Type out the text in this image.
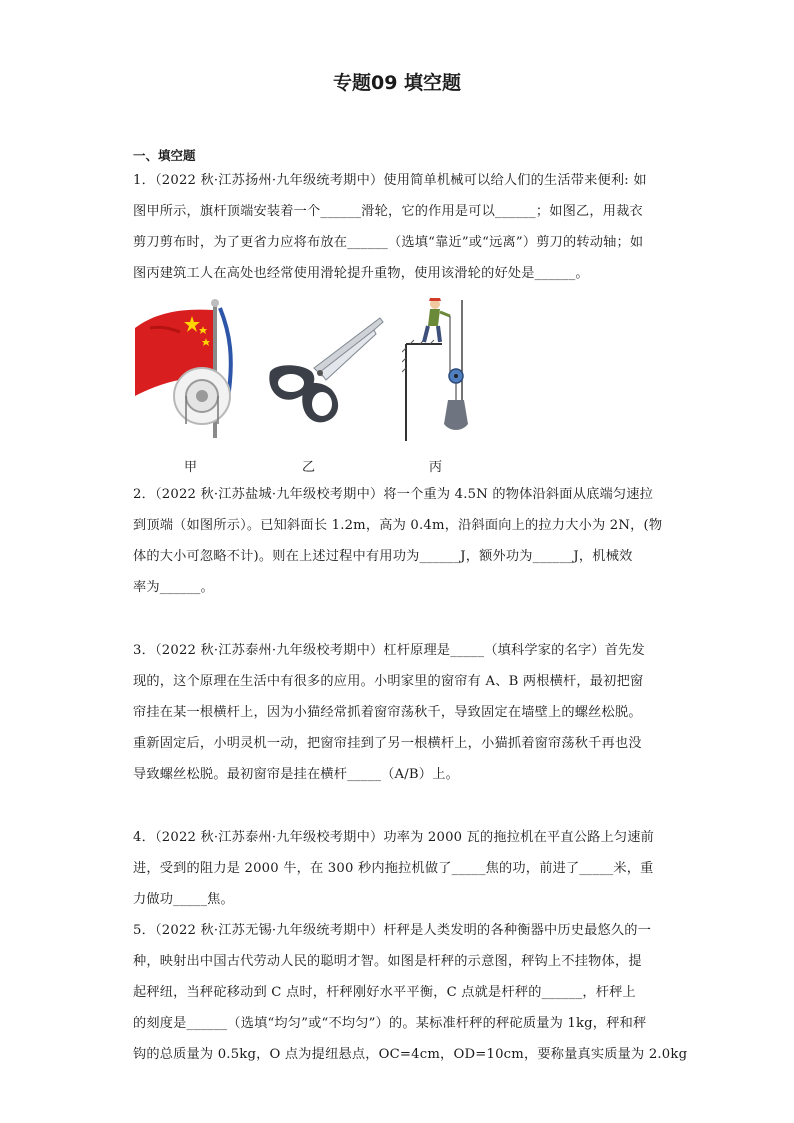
专题09 填空题
一、填空题
1．（2022 秋·江苏扬州·九年级统考期中）使用简单机械可以给人们的生活带来便利: 如
图甲所示，旗杆顶端安装着一个______滑轮，它的作用是可以______；如图乙，用裁衣
剪刀剪布时，为了更省力应将布放在______（选填“靠近”或“远离”）剪刀的转动轴；如
图丙建筑工人在高处也经常使用滑轮提升重物，使用该滑轮的好处是______。
甲	乙	丙
2．（2022 秋·江苏盐城·九年级校考期中）将一个重为 4.5N 的物体沿斜面从底端匀速拉
到顶端（如图所示）。已知斜面长 1.2m，高为 0.4m，沿斜面向上的拉力大小为 2N，(物
体的大小可忽略不计)。则在上述过程中有用功为______J，额外功为______J，机械效
率为______。
3．（2022 秋·江苏泰州·九年级校考期中）杠杆原理是_____（填科学家的名字）首先发
现的，这个原理在生活中有很多的应用。小明家里的窗帘有 A、B 两根横杆，最初把窗
帘挂在某一根横杆上，因为小猫经常抓着窗帘荡秋千，导致固定在墙壁上的螺丝松脱。
重新固定后，小明灵机一动，把窗帘挂到了另一根横杆上，小猫抓着窗帘荡秋千再也没
导致螺丝松脱。最初窗帘是挂在横杆_____（A/B）上。
4．（2022 秋·江苏泰州·九年级校考期中）功率为 2000 瓦的拖拉机在平直公路上匀速前
进，受到的阻力是 2000 牛，在 300 秒内拖拉机做了_____焦的功，前进了_____米，重
力做功_____焦。
5．（2022 秋·江苏无锡·九年级统考期中）杆秤是人类发明的各种衡器中历史最悠久的一
种，映射出中国古代劳动人民的聪明才智。如图是杆秤的示意图，秤钩上不挂物体，提
起秤纽，当秤砣移动到 C 点时，杆秤刚好水平平衡，C 点就是杆秤的______，杆秤上
的刻度是______（选填“均匀”或“不均匀”）的。某标准杆秤的秤砣质量为 1kg，秤和秤
钩的总质量为 0.5kg，O 点为提纽悬点，OC=4cm，OD=10cm，要称量真实质量为 2.0kg
